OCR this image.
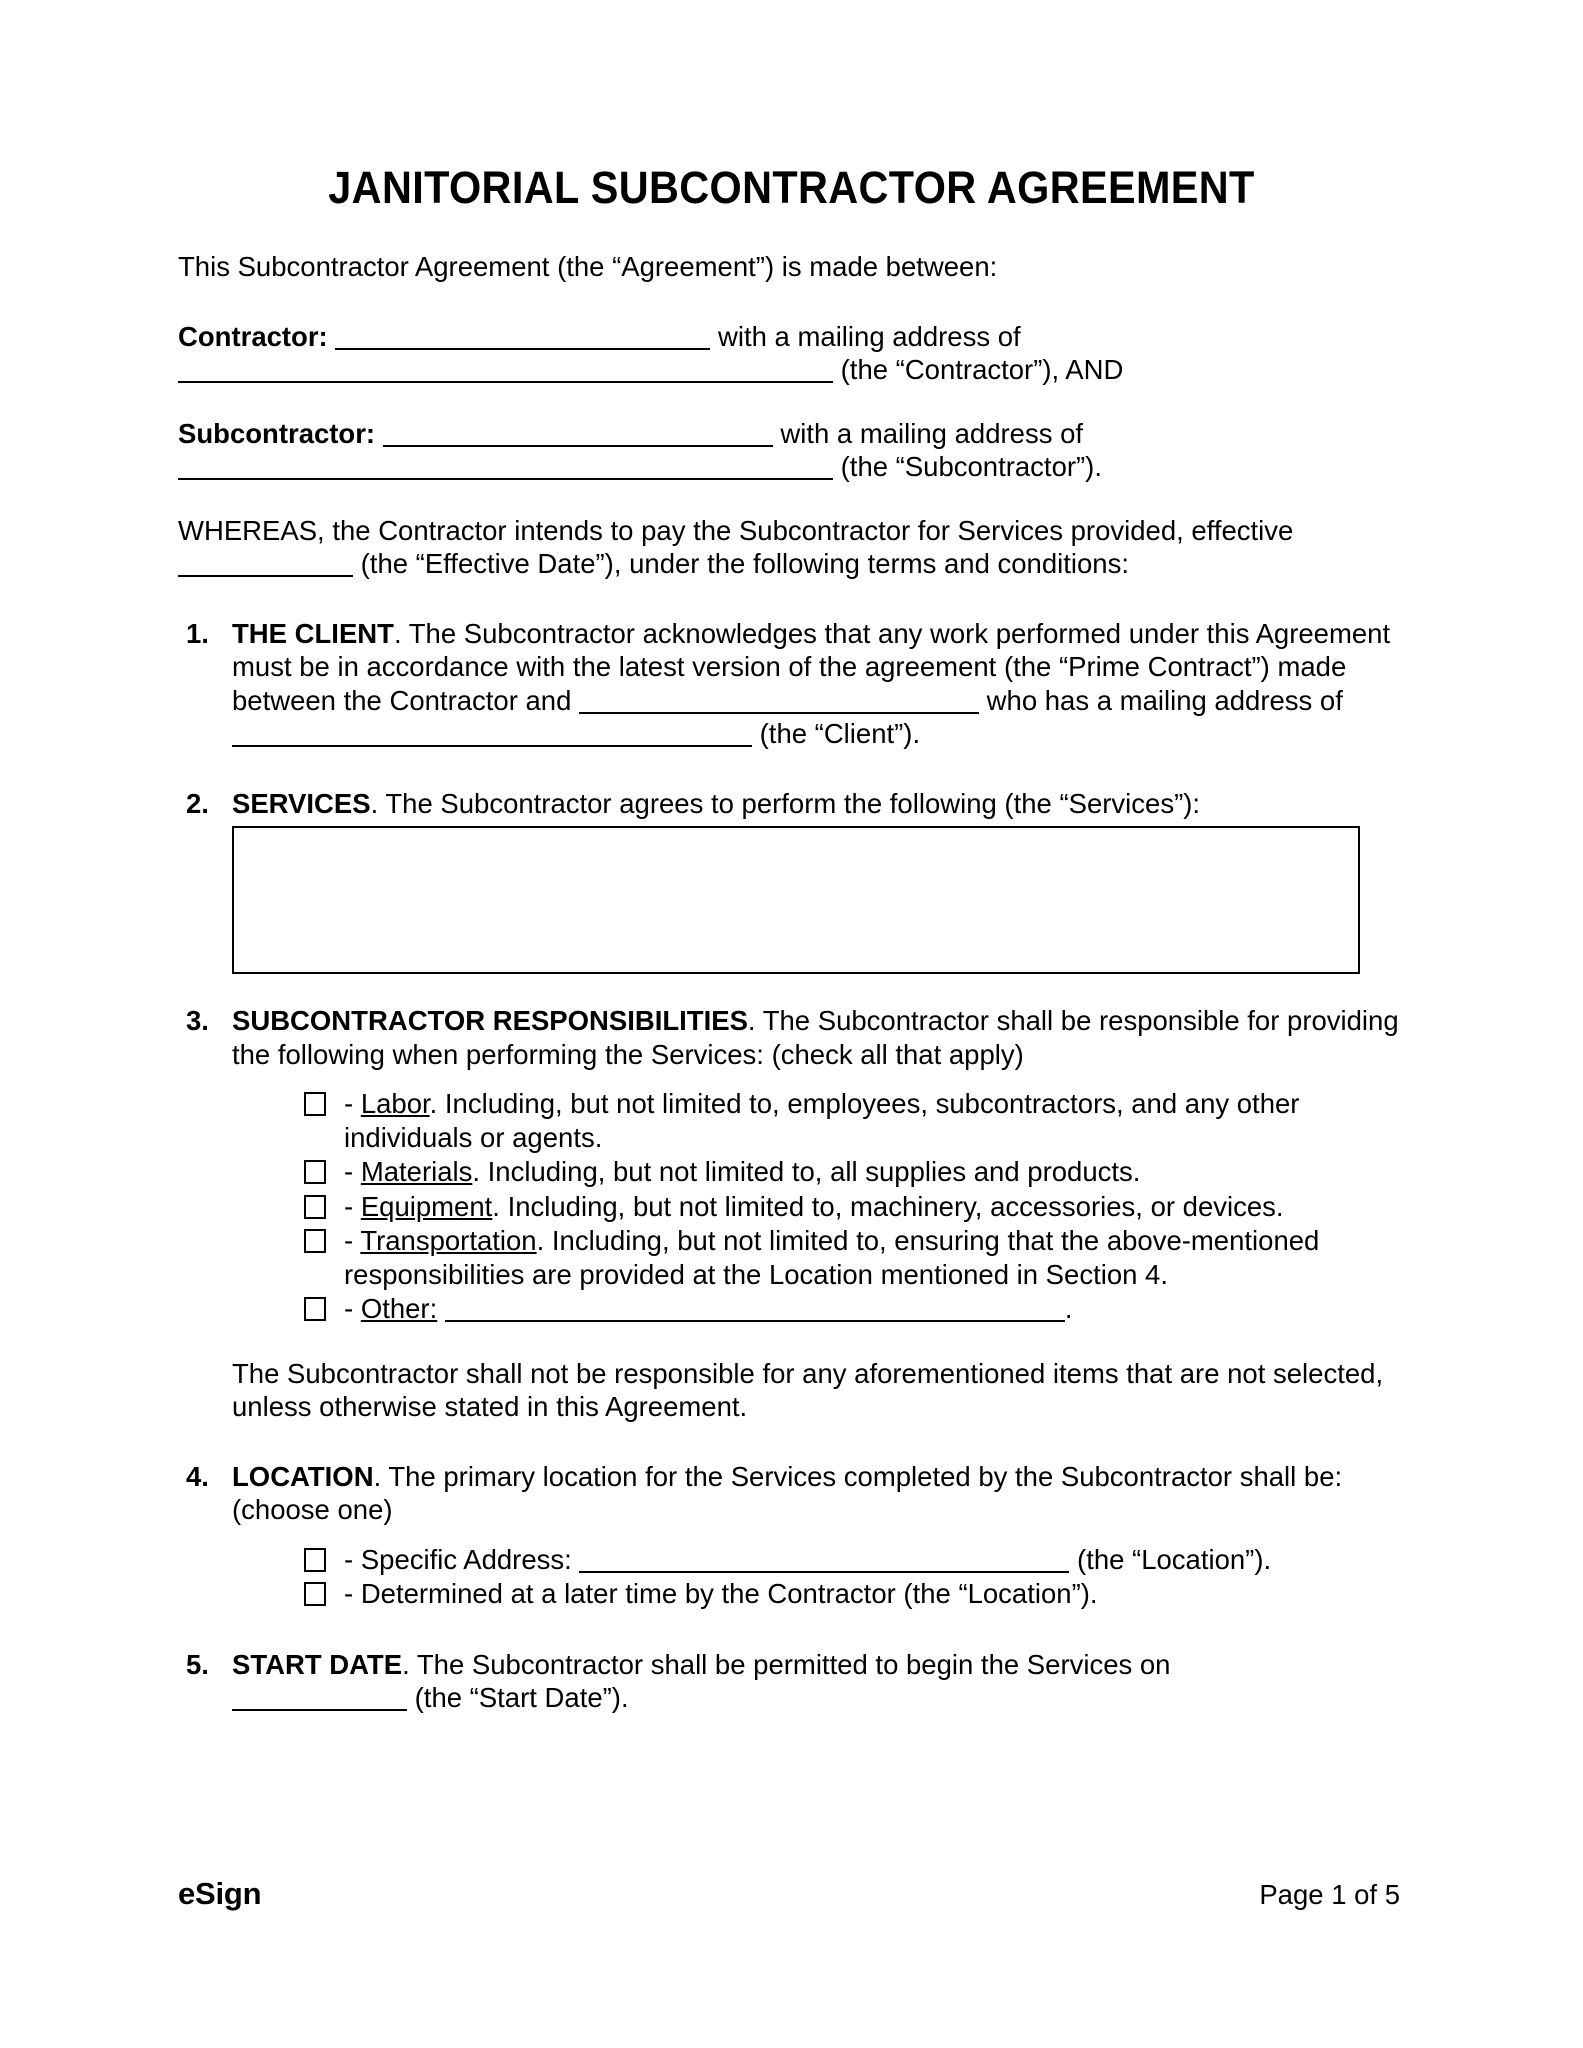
JANITORIAL SUBCONTRACTOR AGREEMENT
This Subcontractor Agreement (the “Agreement”) is made between:
Contractor:	with a mailing address of
(the “Contractor”), AND
Subcontractor:	with a mailing address of
(the “Subcontractor”).
WHEREAS, the Contractor intends to pay the Subcontractor for Services provided, effective
(the “Effective Date”), under the following terms and conditions:
1. THE CLIENT. The Subcontractor acknowledges that any work performed under this Agreement must be in accordance with the latest version of the agreement (the “Prime Contract”) made between the Contractor and	who has a mailing address of  (the “Client”).
2. SERVICES. The Subcontractor agrees to perform the following (the “Services”):
3. SUBCONTRACTOR RESPONSIBILITIES. The Subcontractor shall be responsible for providing the following when performing the Services: (check all that apply)
- Labor. Including, but not limited to, employees, subcontractors, and any other individuals or agents.
- Materials. Including, but not limited to, all supplies and products.
- Equipment. Including, but not limited to, machinery, accessories, or devices.
- Transportation. Including, but not limited to, ensuring that the above-mentioned responsibilities are provided at the Location mentioned in Section 4.
- Other:	.
The Subcontractor shall not be responsible for any aforementioned items that are not selected, unless otherwise stated in this Agreement.
4. LOCATION. The primary location for the Services completed by the Subcontractor shall be: (choose one)
- Specific Address:	(the “Location”).
- Determined at a later time by the Contractor (the “Location”).
5. START DATE. The Subcontractor shall be permitted to begin the Services on
(the “Start Date”).
eSign	Page 1 of 5
